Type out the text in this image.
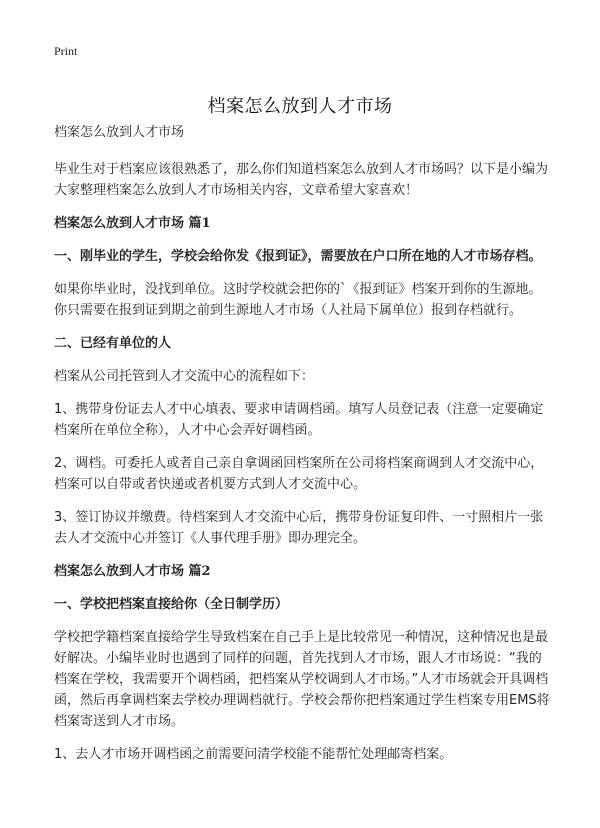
Print
档案怎么放到人才市场

档案怎么放到人才市场

毕业生对于档案应该很熟悉了，那么你们知道档案怎么放到人才市场吗？以下是小编为大家整理档案怎么放到人才市场相关内容，文章希望大家喜欢！

档案怎么放到人才市场 篇1

一、刚毕业的学生，学校会给你发《报到证》，需要放在户口所在地的人才市场存档。

如果你毕业时，没找到单位。这时学校就会把你的`《报到证》档案开到你的生源地。你只需要在报到证到期之前到生源地人才市场（人社局下属单位）报到存档就行。

二、已经有单位的人

档案从公司托管到人才交流中心的流程如下：

1、携带身份证去人才中心填表、要求申请调档函。填写人员登记表（注意一定要确定档案所在单位全称），人才中心会弄好调档函。

2、调档。可委托人或者自己亲自拿调函回档案所在公司将档案商调到人才交流中心，档案可以自带或者快递或者机要方式到人才交流中心。

3、签订协议并缴费。待档案到人才交流中心后，携带身份证复印件、一寸照相片一张去人才交流中心并签订《人事代理手册》即办理完全。

档案怎么放到人才市场 篇2

一、学校把档案直接给你（全日制学历）

学校把学籍档案直接给学生导致档案在自己手上是比较常见一种情况，这种情况也是最好解决。小编毕业时也遇到了同样的问题，首先找到人才市场，跟人才市场说：“我的档案在学校，我需要开个调档函，把档案从学校调到人才市场。”人才市场就会开具调档函，然后再拿调档案去学校办理调档就行。学校会帮你把档案通过学生档案专用EMS将档案寄送到人才市场。

1、去人才市场开调档函之前需要问清学校能不能帮忙处理邮寄档案。
